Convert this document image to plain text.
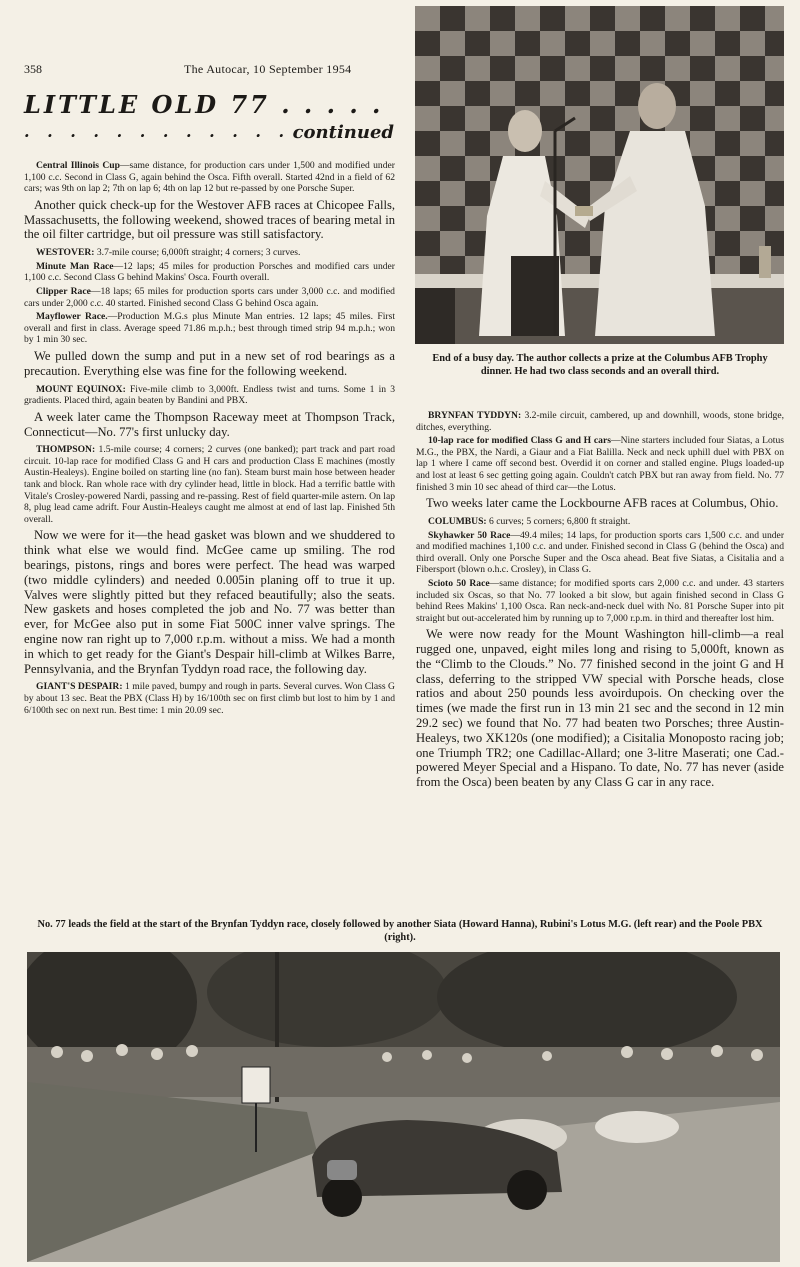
358	The Autocar, 10 September 1954
LITTLE OLD 77 . . . . .
. . . . . . . . . . . . continued

Central Illinois Cup—same distance, for production cars under 1,500 and modified under 1,100 c.c. Second in Class G, again behind the Osca. Fifth overall. Started 42nd in a field of 62 cars; was 9th on lap 2; 7th on lap 6; 4th on lap 12 but re-passed by one Porsche Super.

Another quick check-up for the Westover AFB races at Chicopee Falls, Massachusetts, the following weekend, showed traces of bearing metal in the oil filter cartridge, but oil pressure was still satisfactory.

WESTOVER: 3.7-mile course; 6,000ft straight; 4 corners; 3 curves.

Minute Man Race—12 laps; 45 miles for production Porsches and modified cars under 1,100 c.c. Second Class G behind Makins' Osca. Fourth overall.

Clipper Race—18 laps; 65 miles for production sports cars under 3,000 c.c. and modified cars under 2,000 c.c. 40 started. Finished second Class G behind Osca again.

Mayflower Race.—Production M.G.s plus Minute Man entries. 12 laps; 45 miles. First overall and first in class. Average speed 71.86 m.p.h.; best through timed strip 94 m.p.h.; won by 1 min 30 sec.

We pulled down the sump and put in a new set of rod bearings as a precaution. Everything else was fine for the following weekend.

MOUNT EQUINOX: Five-mile climb to 3,000ft. Endless twist and turns. Some 1 in 3 gradients. Placed third, again beaten by Bandini and PBX.

A week later came the Thompson Raceway meet at Thompson Track, Connecticut—No. 77's first unlucky day.

THOMPSON: 1.5-mile course; 4 corners; 2 curves (one banked); part track and part road circuit. 10-lap race for modified Class G and H cars and production Class E machines (mostly Austin-Healeys). Engine boiled on starting line (no fan). Steam burst main hose between header tank and block. Ran whole race with dry cylinder head, little in block. Had a terrific battle with Vitale's Crosley-powered Nardi, passing and re-passing. Rest of field quarter-mile astern. On lap 8, plug lead came adrift. Four Austin-Healeys caught me almost at end of last lap. Finished 5th overall.

Now we were for it—the head gasket was blown and we shuddered to think what else we would find. McGee came up smiling. The rod bearings, pistons, rings and bores were perfect. The head was warped (two middle cylinders) and needed 0.005in planing off to true it up. Valves were slightly pitted but they refaced beautifully; also the seats. New gaskets and hoses completed the job and No. 77 was better than ever, for McGee also put in some Fiat 500C inner valve springs. The engine now ran right up to 7,000 r.p.m. without a miss. We had a month in which to get ready for the Giant's Despair hill-climb at Wilkes Barre, Pennsylvania, and the Brynfan Tyddyn road race, the following day.

GIANT'S DESPAIR: 1 mile paved, bumpy and rough in parts. Several curves. Won Class G by about 13 sec. Beat the PBX (Class H) by 16/100th sec on first climb but lost to him by 1 and 6/100th sec on next run. Best time: 1 min 20.09 sec.

End of a busy day. The author collects a prize at the Columbus AFB Trophy dinner. He had two class seconds and an overall third.

BRYNFAN TYDDYN: 3.2-mile circuit, cambered, up and downhill, woods, stone bridge, ditches, everything.

10-lap race for modified Class G and H cars—Nine starters included four Siatas, a Lotus M.G., the PBX, the Nardi, a Giaur and a Fiat Balilla. Neck and neck uphill duel with PBX on lap 1 where I came off second best. Overdid it on corner and stalled engine. Plugs loaded-up and lost at least 6 sec getting going again. Couldn't catch PBX but ran away from field. No. 77 finished 3 min 10 sec ahead of third car—the Lotus.

Two weeks later came the Lockbourne AFB races at Columbus, Ohio.

COLUMBUS: 6 curves; 5 corners; 6,800 ft straight.

Skyhawker 50 Race—49.4 miles; 14 laps, for production sports cars 1,500 c.c. and under and modified machines 1,100 c.c. and under. Finished second in Class G (behind the Osca) and third overall. Only one Porsche Super and the Osca ahead. Beat five Siatas, a Cisitalia and a Fibersport (blown o.h.c. Crosley), in Class G.

Scioto 50 Race—same distance; for modified sports cars 2,000 c.c. and under. 43 starters included six Oscas, so that No. 77 looked a bit slow, but again finished second in Class G behind Rees Makins' 1,100 Osca. Ran neck-and-neck duel with No. 81 Porsche Super into pit straight but out-accelerated him by running up to 7,000 r.p.m. in third and thereafter lost him.

We were now ready for the Mount Washington hill-climb—a real rugged one, unpaved, eight miles long and rising to 5,000ft, known as the “Climb to the Clouds.” No. 77 finished second in the joint G and H class, deferring to the stripped VW special with Porsche heads, close ratios and about 250 pounds less avoirdupois. On checking over the times (we made the first run in 13 min 21 sec and the second in 12 min 29.2 sec) we found that No. 77 had beaten two Porsches; three Austin-Healeys, two XK120s (one modified); a Cisitalia Monoposto racing job; one Triumph TR2; one Cadillac-Allard; one 3-litre Maserati; one Cad.-powered Meyer Special and a Hispano. To date, No. 77 has never (aside from the Osca) been beaten by any Class G car in any race.

No. 77 leads the field at the start of the Brynfan Tyddyn race, closely followed by another Siata (Howard Hanna), Rubini's Lotus M.G. (left rear) and the Poole PBX (right).
